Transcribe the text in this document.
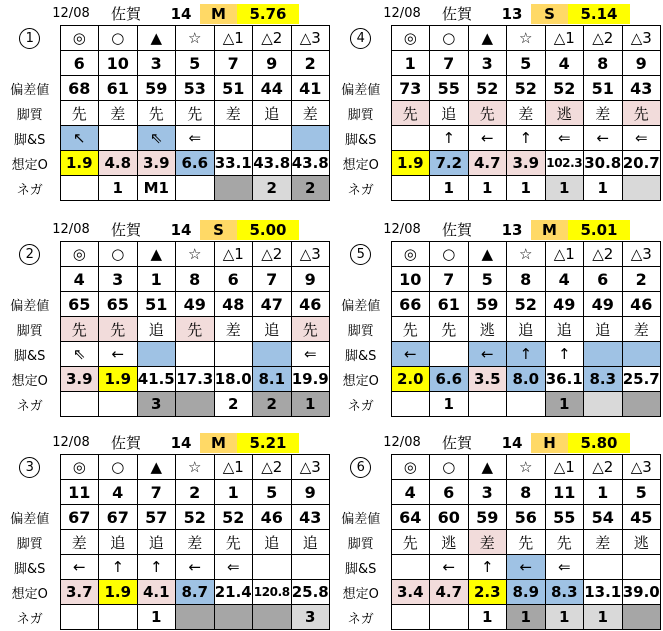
12/08	佐賀	14	M	5.76
1	◎	○	▲	☆	△1	△2	△3
	6	10	3	5	7	9	2
偏差値	68	61	59	53	51	44	41
脚質	先	差	先	先	差	追	差
脚&S	↖		⇖	⇐			
想定O	1.9	4.8	3.9	6.6	33.1	43.8	43.8
ネガ		1	M1			2	2
12/08	佐賀	13	S	5.14
4	◎	○	▲	☆	△1	△2	△3
	1	7	3	5	4	8	9
偏差値	73	55	52	52	52	51	43
脚質	先	追	先	差	逃	差	先
脚&S		↑	←	↑	⇐	←	⇐
想定O	1.9	7.2	4.7	3.9	102.3	30.8	20.7
ネガ		1	1	1	1	1	
12/08	佐賀	14	S	5.00
2	◎	○	▲	☆	△1	△2	△3
	4	3	1	8	6	7	9
偏差値	65	65	51	49	48	47	46
脚質	先	先	追	先	差	追	先
脚&S	⇖	←					⇐
想定O	3.9	1.9	41.5	17.3	18.0	8.1	19.9
ネガ			3		2	2	1
12/08	佐賀	13	M	5.01
5	◎	○	▲	☆	△1	△2	△3
	10	7	5	8	4	6	2
偏差値	66	61	59	52	49	49	46
脚質	先	先	逃	追	追	追	差
脚&S	←		←	↑	↑		
想定O	2.0	6.6	3.5	8.0	36.1	8.3	25.7
ネガ		1			1		
12/08	佐賀	14	M	5.21
3	◎	○	▲	☆	△1	△2	△3
	11	4	7	2	1	5	9
偏差値	67	67	57	52	52	46	43
脚質	差	追	追	差	先	追	追
脚&S	←	↑	↑	←	⇐		
想定O	3.7	1.9	4.1	8.7	21.4	120.8	25.8
ネガ			1				3
12/08	佐賀	14	H	5.80
6	◎	○	▲	☆	△1	△2	△3
	4	6	3	8	11	1	5
偏差値	64	60	59	56	55	54	45
脚質	先	逃	差	先	先	差	逃
脚&S		←	↑	←	⇐		
想定O	3.4	4.7	2.3	8.9	8.3	13.1	39.0
ネガ			1	1	1	1	
